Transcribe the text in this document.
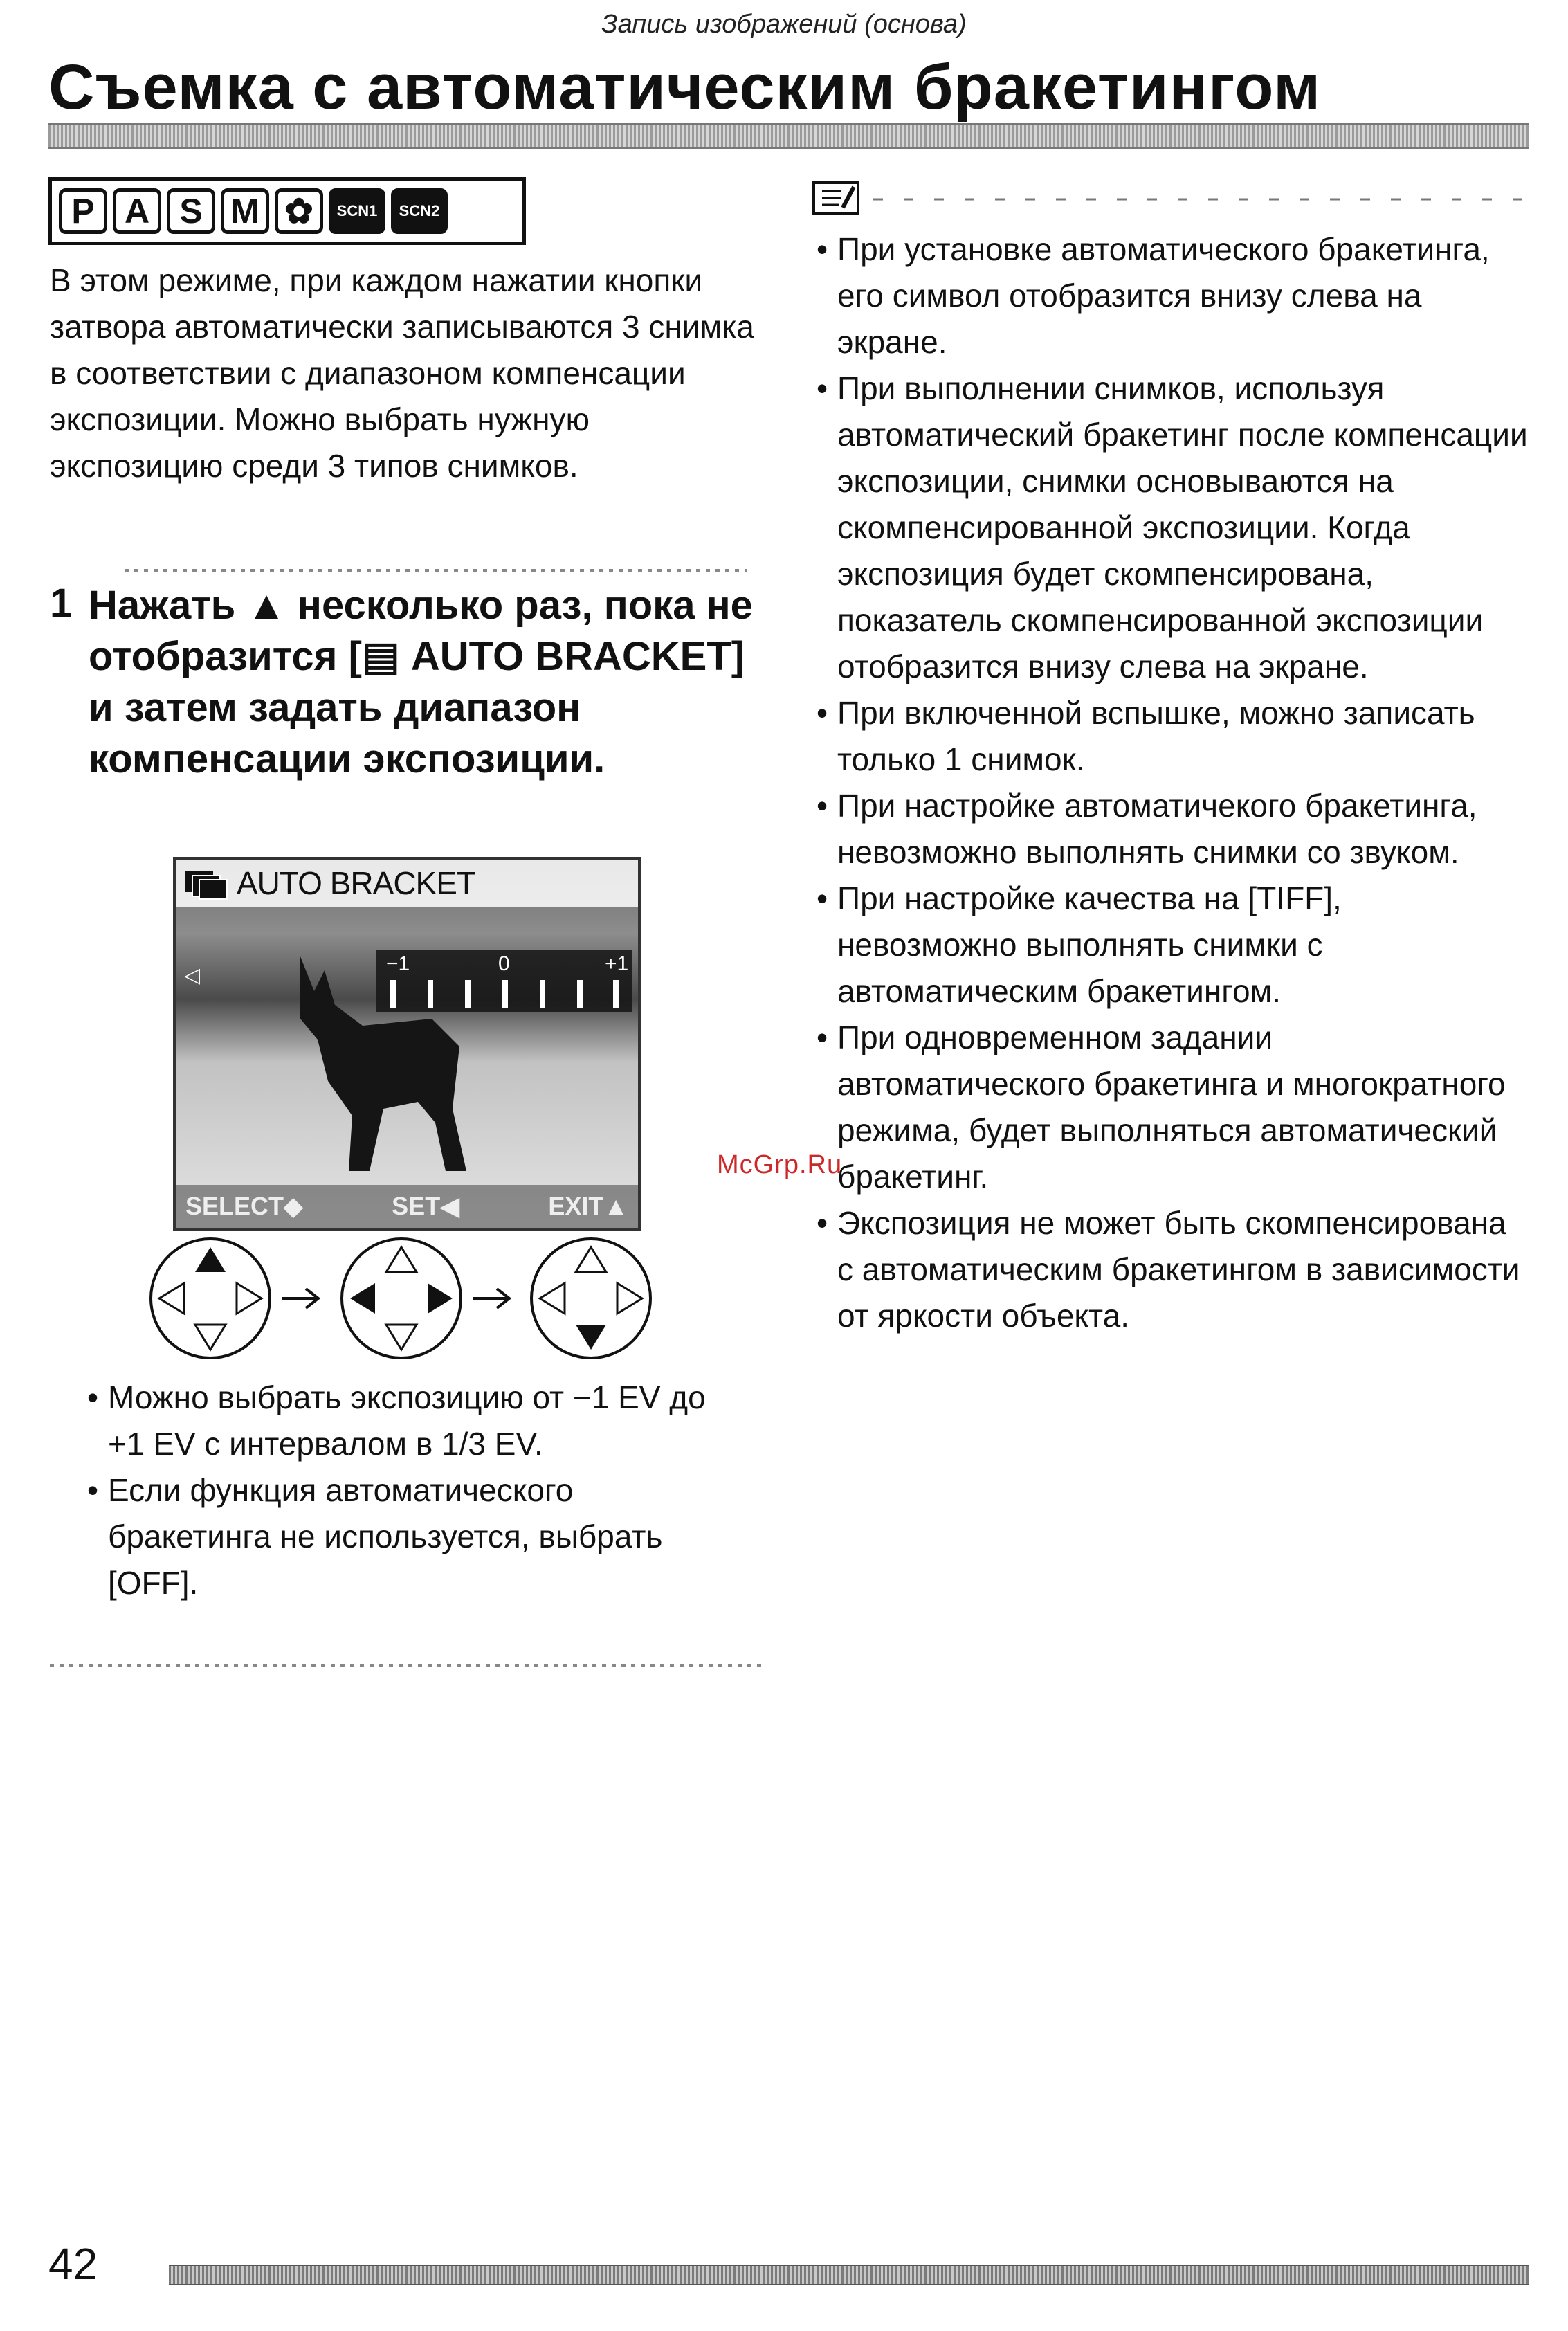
Запись изображений (основа)
Съемка с автоматическим бракетингом
P A S M ✿	SCN1	SCN2
В этом режиме, при каждом нажатии кнопки затвора автоматически записываются 3 снимка в соответствии с диапазоном компенсации экспозиции. Можно выбрать нужную экспозицию среди 3 типов снимков.
1 Нажать ▲ несколько раз, пока не отобразится [▤ AUTO BRACKET] и затем задать диапазон компенсации экспозиции.
AUTO BRACKET
◁
−1	0	+1
SELECT◆	SET◀	EXIT▲
• Можно выбрать экспозицию от −1 EV до +1 EV с интервалом в 1/3 EV.
• Если функция автоматического бракетинга не используется, выбрать [OFF].
• При установке автоматического бракетинга, его символ отобразится внизу слева на экране.
• При выполнении снимков, используя автоматический бракетинг после компенсации экспозиции, снимки основываются на скомпенсированной экспозиции. Когда экспозиция будет скомпенсирована, показатель скомпенсированной экспозиции отобразится внизу слева на экране.
• При включенной вспышке, можно записать только 1 снимок.
• При настройке автоматичекого бракетинга, невозможно выполнять снимки со звуком.
• При настройке качества на [TIFF], невозможно выполнять снимки с автоматическим бракетингом.
• При одновременном задании автоматического бракетинга и многократного режима, будет выполняться автоматический бракетинг.
• Экспозиция не может быть скомпенсирована с автоматическим бракетингом в зависимости от яркости объекта.
McGrp.Ru
42
